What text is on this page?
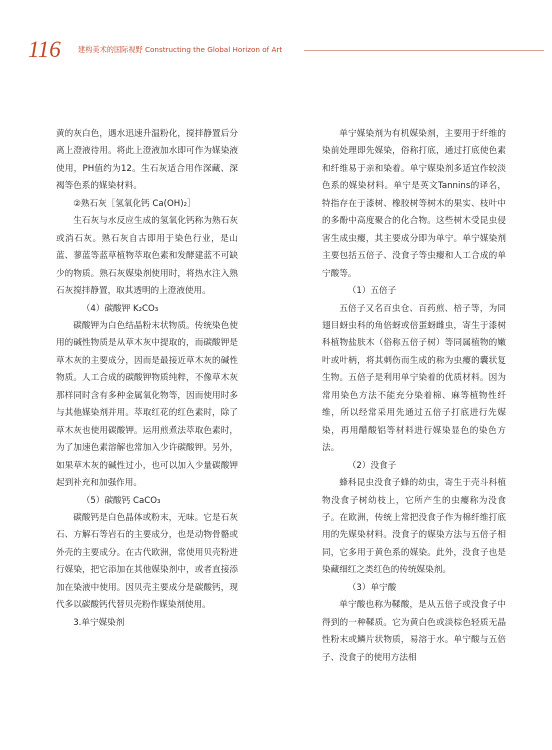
116 建构美术的国际视野 Constructing the Global Horizon of Art

黄的灰白色，遇水迅速升温粉化，搅拌静置后分离上澄液待用。将此上澄液加水即可作为媒染液使用，PH值约为12。生石灰适合用作深藏、深褐等色系的媒染材料。

②熟石灰［氢氧化钙 Ca(OH)₂］

生石灰与水反应生成的氢氧化钙称为熟石灰或消石灰。熟石灰自古即用于染色行业，是山蓝、蓼蓝等蓝草植物萃取色素和发酵建蓝不可缺少的物质。熟石灰媒染剂使用时，将热水注入熟石灰搅拌静置，取其透明的上澄液使用。

（4）碳酸钾 K₂CO₃

碳酸钾为白色结晶粉末状物质。传统染色使用的碱性物质是从草木灰中提取的，而碳酸钾是草木灰的主要成分，因而是最接近草木灰的碱性物质。人工合成的碳酸钾物质纯粹，不像草木灰那样同时含有多种金属氧化物等，因而使用时多与其他媒染剂并用。萃取红花的红色素时，除了草木灰也使用碳酸钾。运用煎煮法萃取色素时，为了加速色素溶解也常加入少许碳酸钾。另外，如果草木灰的碱性过小，也可以加入少量碳酸钾起到补充和加强作用。

（5）碳酸钙 CaCO₃

碳酸钙是白色晶体或粉末，无味。它是石灰石、方解石等岩石的主要成分，也是动物骨骼或外壳的主要成分。在古代欧洲，常使用贝壳粉进行媒染，把它添加在其他媒染剂中，或者直接添加在染液中使用。因贝壳主要成分是碳酸钙，现代多以碳酸钙代替贝壳粉作媒染剂使用。

3.单宁媒染剂

单宁媒染剂为有机媒染剂，主要用于纤维的染前处理即先媒染，俗称打底，通过打底使色素和纤维易于亲和染着。单宁媒染剂多适宜作较淡色系的媒染材料。单宁是英文Tannins的译名，特指存在于漆树、橡胶树等树木的果实、枝叶中的多酚中高度聚合的化合物。这些树木受昆虫侵害生成虫瘿，其主要成分即为单宁。单宁媒染剂主要包括五倍子、没食子等虫瘿和人工合成的单宁酸等。

（1）五倍子

五倍子又名百虫仓、百药煎、棓子等，为同翅目蚜虫科的角倍蚜或倍蛋蚜雌虫，寄生于漆树科植物盐肤木（俗称五倍子树）等同属植物的嫩叶或叶柄，将其刺伤而生成的称为虫瘿的囊状复生物。五倍子是利用单宁染着的优质材料。因为常用染色方法不能充分染着棉、麻等植物性纤维，所以经常采用先通过五倍子打底进行先媒染，再用醋酸铝等材料进行媒染显色的染色方法。

（2）没食子

蜂科昆虫没食子蜂的幼虫，寄生于壳斗科植物没食子树幼枝上，它所产生的虫瘿称为没食子。在欧洲，传统上常把没食子作为棉纤维打底用的先媒染材料。没食子的媒染方法与五倍子相同，它多用于黄色系的媒染。此外，没食子也是染藏细红之类红色的传统媒染剂。

（3）单宁酸

单宁酸也称为鞣酸，是从五倍子或没食子中得到的一种鞣质。它为黄白色或淡棕色轻质无晶性粉末或鳞片状物质，易溶于水。单宁酸与五倍子、没食子的使用方法相
